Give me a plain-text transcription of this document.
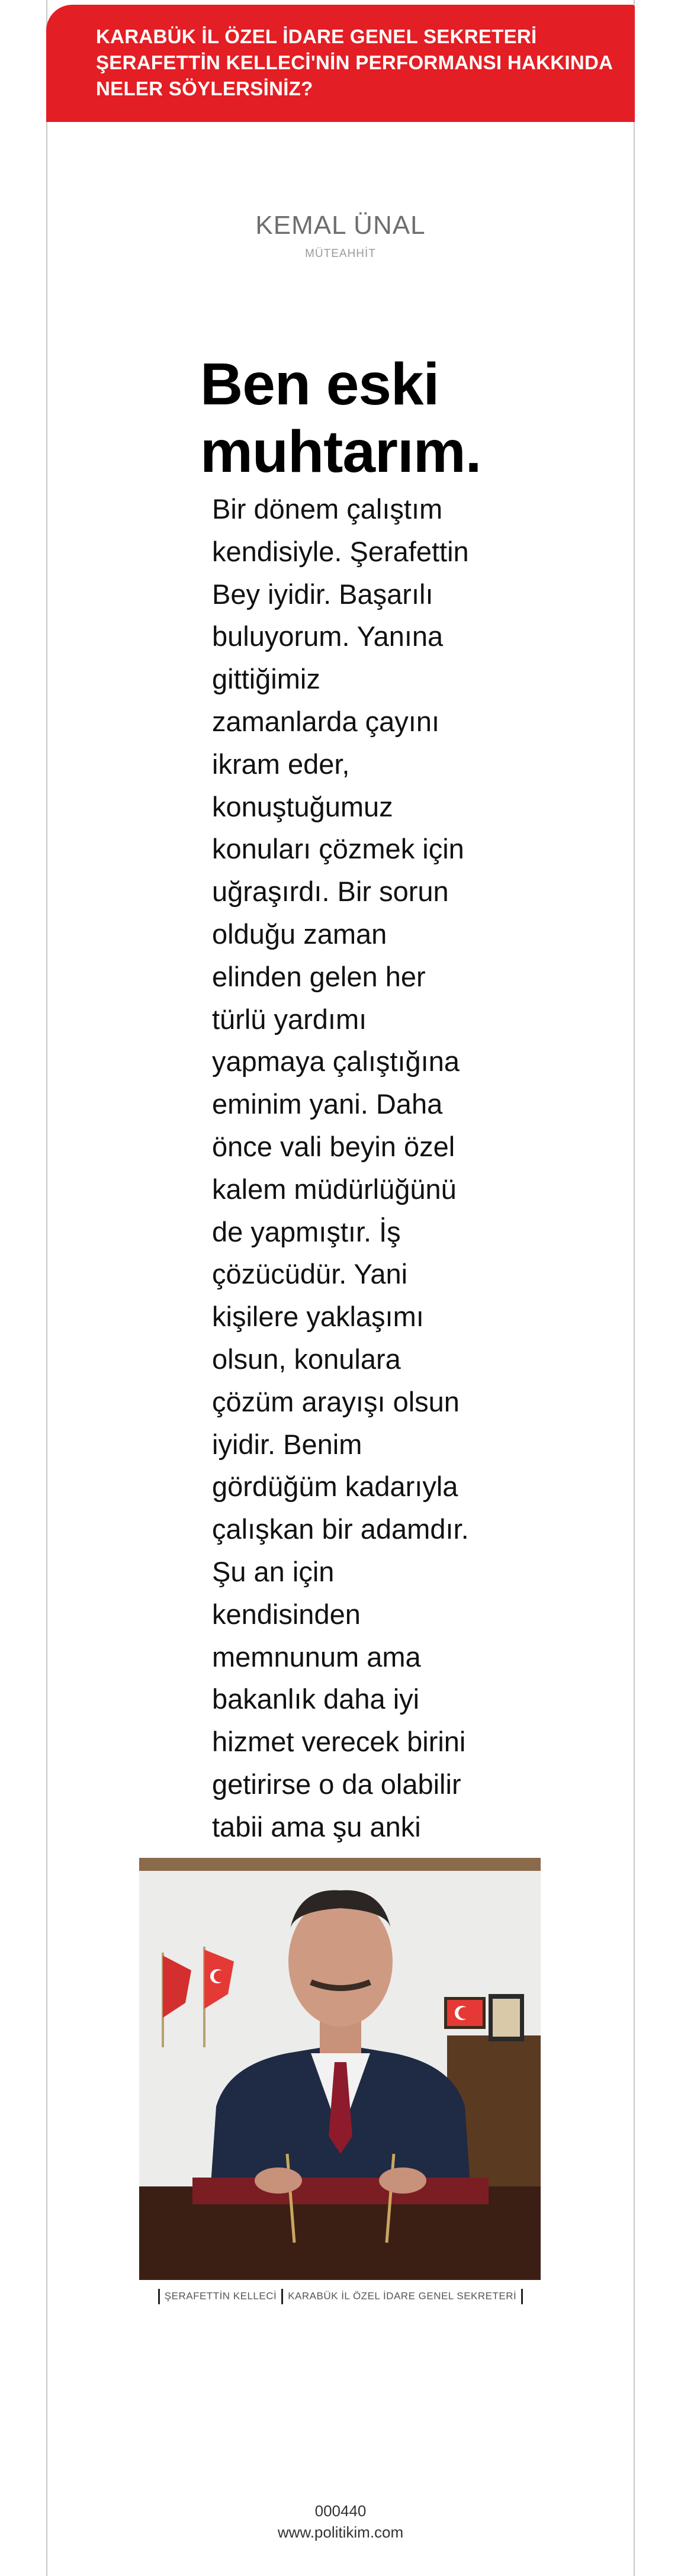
KARABÜK İL ÖZEL İDARE GENEL SEKRETERİ ŞERAFETTİN KELLECİ'NİN PERFORMANSI HAKKINDA NELER SÖYLERSİNİZ?

KEMAL ÜNAL
MÜTEAHHİT
Ben eski muhtarım.

Bir dönem çalıştım kendisiyle. Şerafettin Bey iyidir. Başarılı buluyorum. Yanına gittiğimiz zamanlarda çayını ikram eder, konuştuğumuz konuları çözmek için uğraşırdı. Bir sorun olduğu zaman elinden gelen her türlü yardımı yapmaya çalıştığına eminim yani. Daha önce vali beyin özel kalem müdürlüğünü de yapmıştır. İş çözücüdür. Yani kişilere yaklaşımı olsun, konulara çözüm arayışı olsun iyidir. Benim gördüğüm kadarıyla çalışkan bir adamdır. Şu an için kendisinden memnunum ama bakanlık daha iyi hizmet verecek birini getirirse o da olabilir tabii ama şu anki

ŞERAFETTİN KELLECİ KARABÜK İL ÖZEL İDARE GENEL SEKRETERİ
000440
www.politikim.com
